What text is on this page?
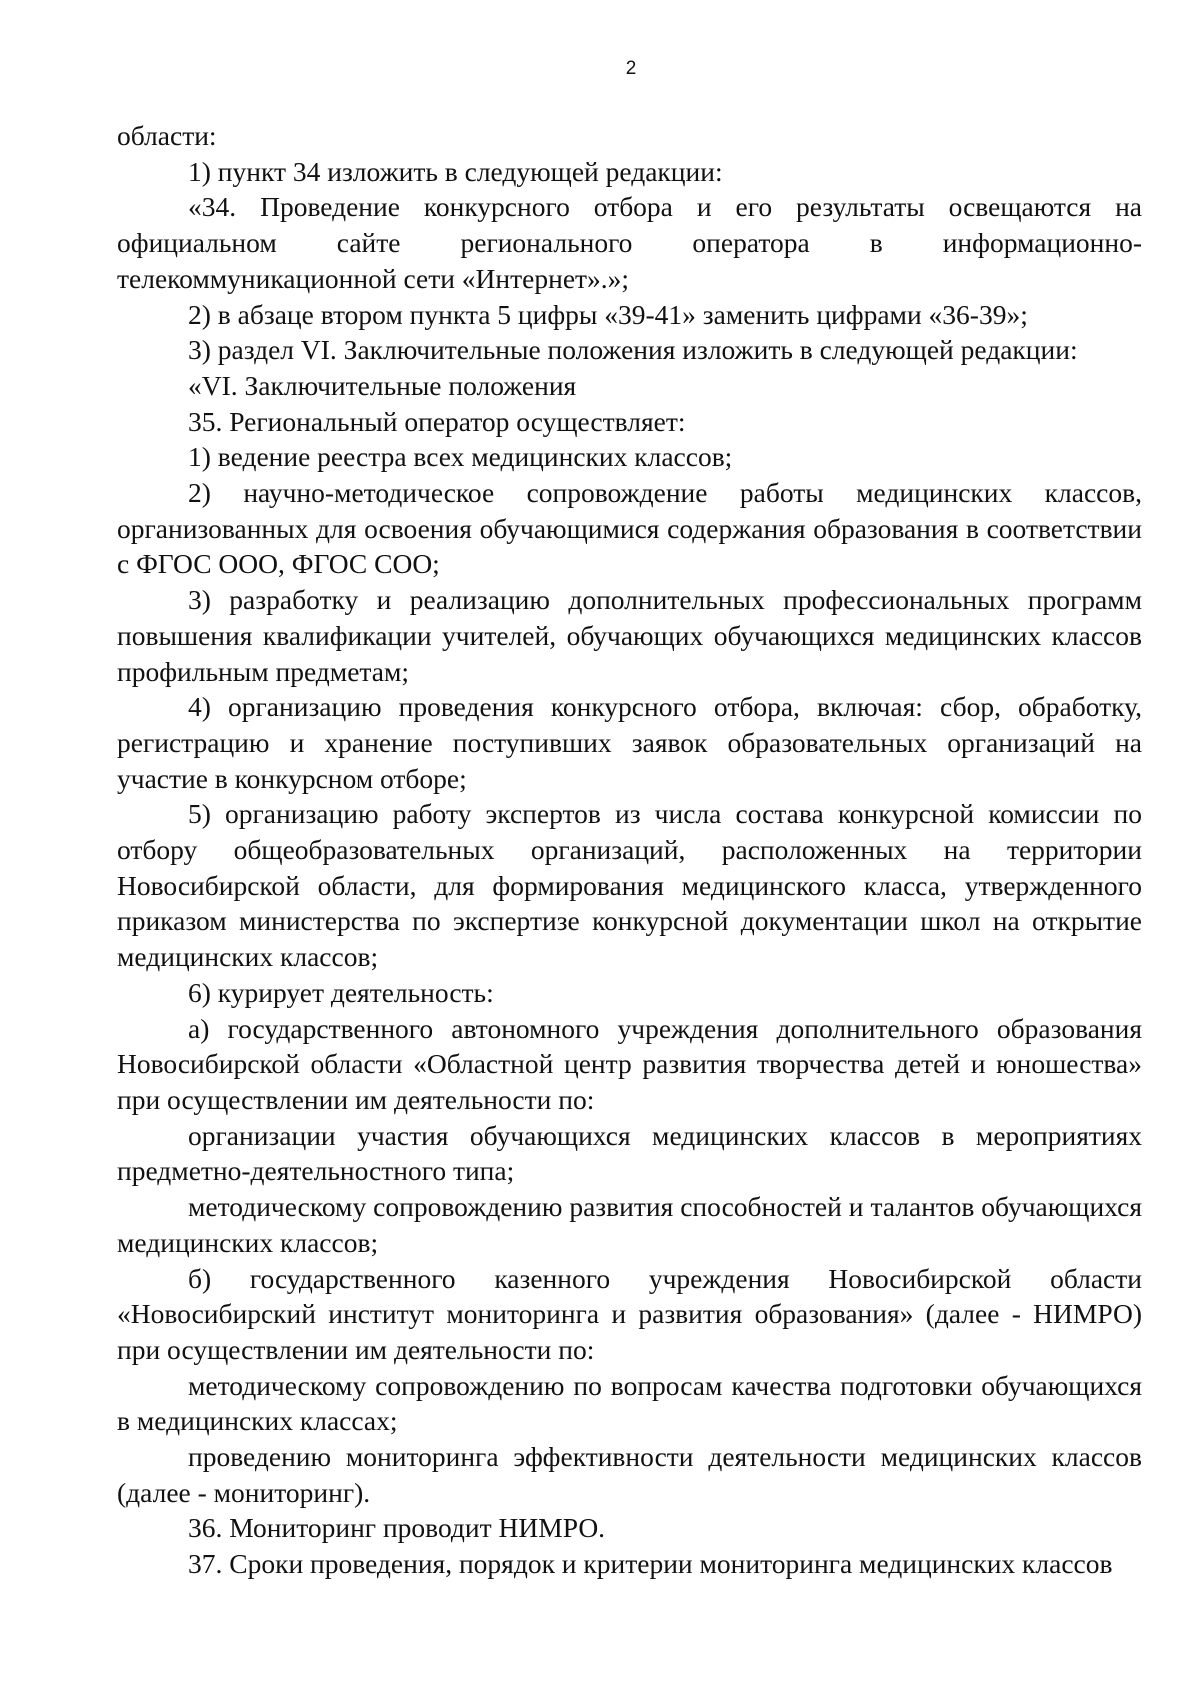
2

области:

1) пункт 34 изложить в следующей редакции:

«34. Проведение конкурсного отбора и его результаты освещаются на официальном сайте регионального оператора в информационно-телекоммуникационной сети «Интернет».»;

2) в абзаце втором пункта 5 цифры «39-41» заменить цифрами «36-39»;

3) раздел VI. Заключительные положения изложить в следующей редакции:

«VI. Заключительные положения

35. Региональный оператор осуществляет:

1) ведение реестра всех медицинских классов;

2) научно-методическое сопровождение работы медицинских классов, организованных для освоения обучающимися содержания образования в соответствии с ФГОС ООО, ФГОС СОО;

3) разработку и реализацию дополнительных профессиональных программ повышения квалификации учителей, обучающих обучающихся медицинских классов профильным предметам;

4) организацию проведения конкурсного отбора, включая: сбор, обработку, регистрацию и хранение поступивших заявок образовательных организаций на участие в конкурсном отборе;

5) организацию работу экспертов из числа состава конкурсной комиссии по отбору общеобразовательных организаций, расположенных на территории Новосибирской области, для формирования медицинского класса, утвержденного приказом министерства по экспертизе конкурсной документации школ на открытие медицинских классов;

6) курирует деятельность:

а) государственного автономного учреждения дополнительного образования Новосибирской области «Областной центр развития творчества детей и юношества» при осуществлении им деятельности по:

организации участия обучающихся медицинских классов в мероприятиях предметно-деятельностного типа;

методическому сопровождению развития способностей и талантов обучающихся медицинских классов;

б) государственного казенного учреждения Новосибирской области «Новосибирский институт мониторинга и развития образования» (далее - НИМРО) при осуществлении им деятельности по:

методическому сопровождению по вопросам качества подготовки обучающихся в медицинских классах;

проведению мониторинга эффективности деятельности медицинских классов (далее - мониторинг).

36. Мониторинг проводит НИМРО.

37. Сроки проведения, порядок и критерии мониторинга медицинских классов
